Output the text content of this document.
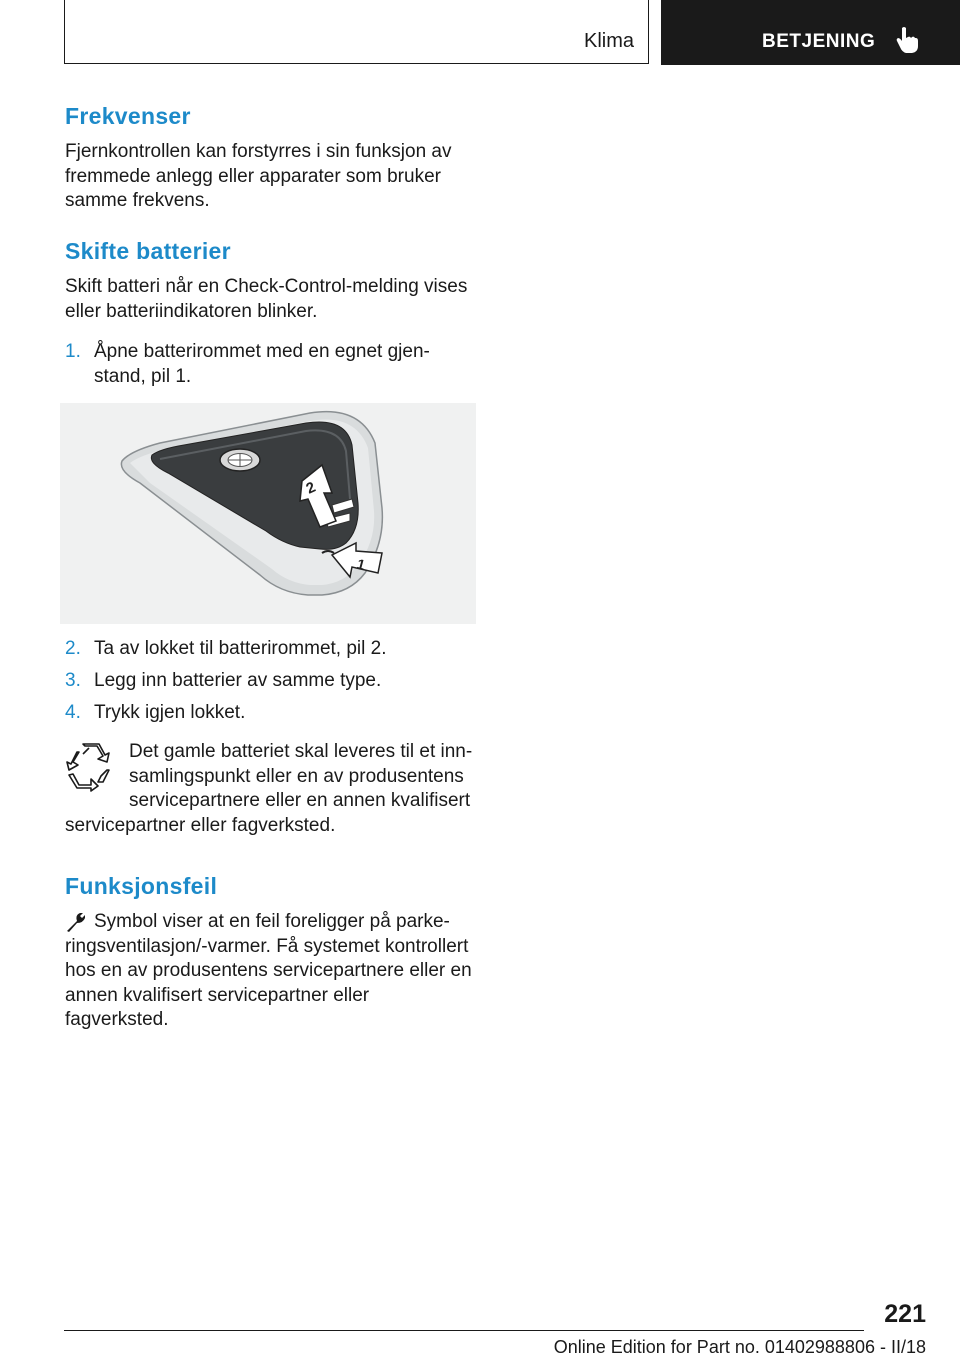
Klima	BETJENING
Frekvenser

Fjernkontrollen kan forstyrres i sin funksjon av fremmede anlegg eller apparater som bruker samme frekvens.

Skifte batterier

Skift batteri når en Check-Control-melding vises eller batteriindikatoren blinker.

1. Åpne batterirommet med en egnet gjen-stand, pil 1.
2
1
2. Ta av lokket til batterirommet, pil 2.
3. Legg inn batterier av samme type.
4. Trykk igjen lokket.

Det gamle batteriet skal leveres til et inn-samlingspunkt eller en av produsentens servicepartnere eller en annen kvalifisert servicepartner eller fagverksted.

Funksjonsfeil

Symbol viser at en feil foreligger på parke-ringsventilasjon/-varmer. Få systemet kontrollert hos en av produsentens servicepartnere eller en annen kvalifisert servicepartner eller fagverksted.

221
Online Edition for Part no. 01402988806 - II/18
